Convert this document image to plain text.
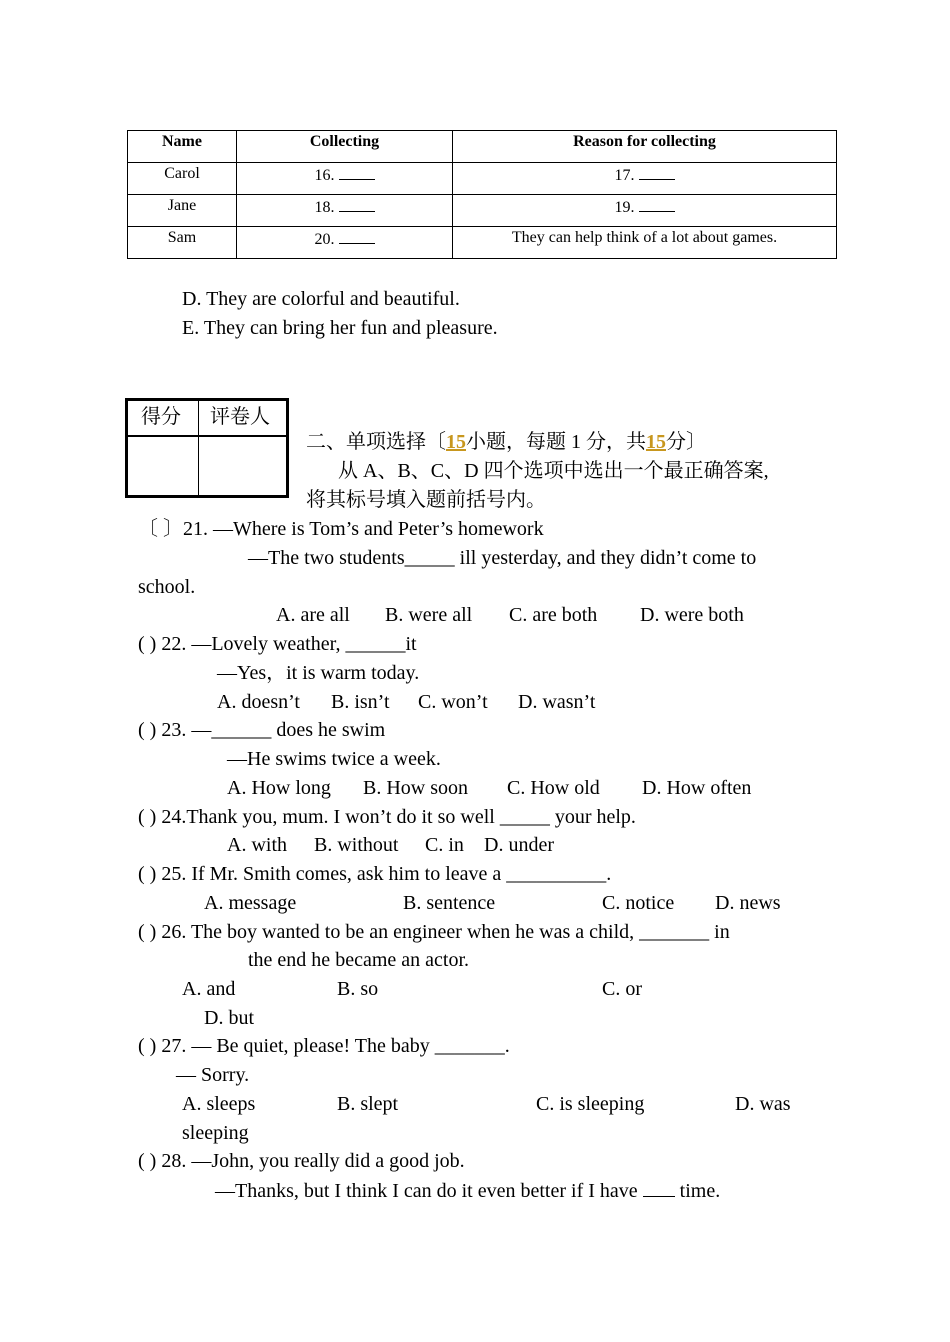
Name	Collecting	Reason for collecting
Carol	16.	17.
Jane	18.	19.
Sam	20.	They can help think of a lot about games.
D. They are colorful and beautiful.
E. They can bring her fun and pleasure.
得分 评卷人
二、单项选择〔15小题，每题 1 分，共15分〕
从 A、B、C、D 四个选项中选出一个最正确答案,
将其标号填入题前括号内。
〔 〕21. —Where is Tom’s and Peter’s homework
—The two students_____ ill yesterday, and they didn’t come to
school.
A. are all B. were all C. are both D. were both
( ) 22. —Lovely weather, ______it
—Yes，it is warm today.
A. doesn’t B. isn’t C. won’t D. wasn’t
( ) 23. —______ does he swim
—He swims twice a week.
A. How long B. How soon C. How old D. How often
( ) 24.Thank you, mum. I won’t do it so well _____ your help.
A. with B. without C. in D. under
( ) 25. If Mr. Smith comes, ask him to leave a __________.
A. message	B. sentence	C. notice D. news
( ) 26. The boy wanted to be an engineer when he was a child, _______ in
the end he became an actor.
A. and	B. so	C. or
D. but
( ) 27. — Be quiet, please! The baby _______.
— Sorry.
A. sleeps	B. slept	C. is sleeping	D. was
sleeping
( ) 28. —John, you really did a good job.
—Thanks, but I think I can do it even better if I have time.
